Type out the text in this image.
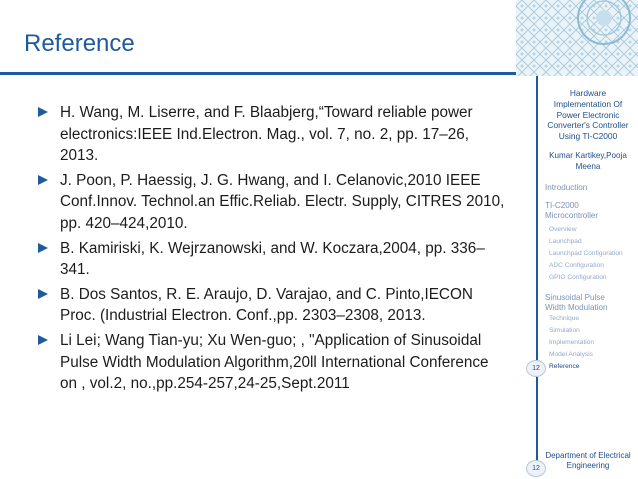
Reference
H. Wang, M. Liserre, and F. Blaabjerg,“Toward reliable power electronics:IEEE Ind.Electron. Mag., vol. 7, no. 2, pp. 17–26, 2013.
J. Poon, P. Haessig, J. G. Hwang, and I. Celanovic,2010 IEEE Conf.Innov. Technol.an Effic.Reliab. Electr. Supply, CITRES 2010, pp. 420–424,2010.
B. Kamiriski, K. Wejrzanowski, and W. Koczara,2004, pp. 336–341.
B. Dos Santos, R. E. Araujo, D. Varajao, and C. Pinto,IECON Proc. (Industrial Electron. Conf.,pp. 2303–2308, 2013.
Li Lei; Wang Tian-yu; Xu Wen-guo; , "Application of Sinusoidal Pulse Width Modulation Algorithm,20ll International Conference on , vol.2, no.,pp.254-257,24-25,Sept.2011
Hardware
Implementation Of
Power Electronic
Converter's Controller
Using TI-C2000
Kumar Kartikey,Pooja
Meena
Introduction
TI-C2000
Microcontroller
Overview
Launchpad
Launchpad Configuration
ADC Configuration
GPIO Configuration
Sinusoidal Pulse
Width Modulation
Technique
Simulation
Implementation
Model Analysis
Reference
12
Department of Electrical
Engineering
12
